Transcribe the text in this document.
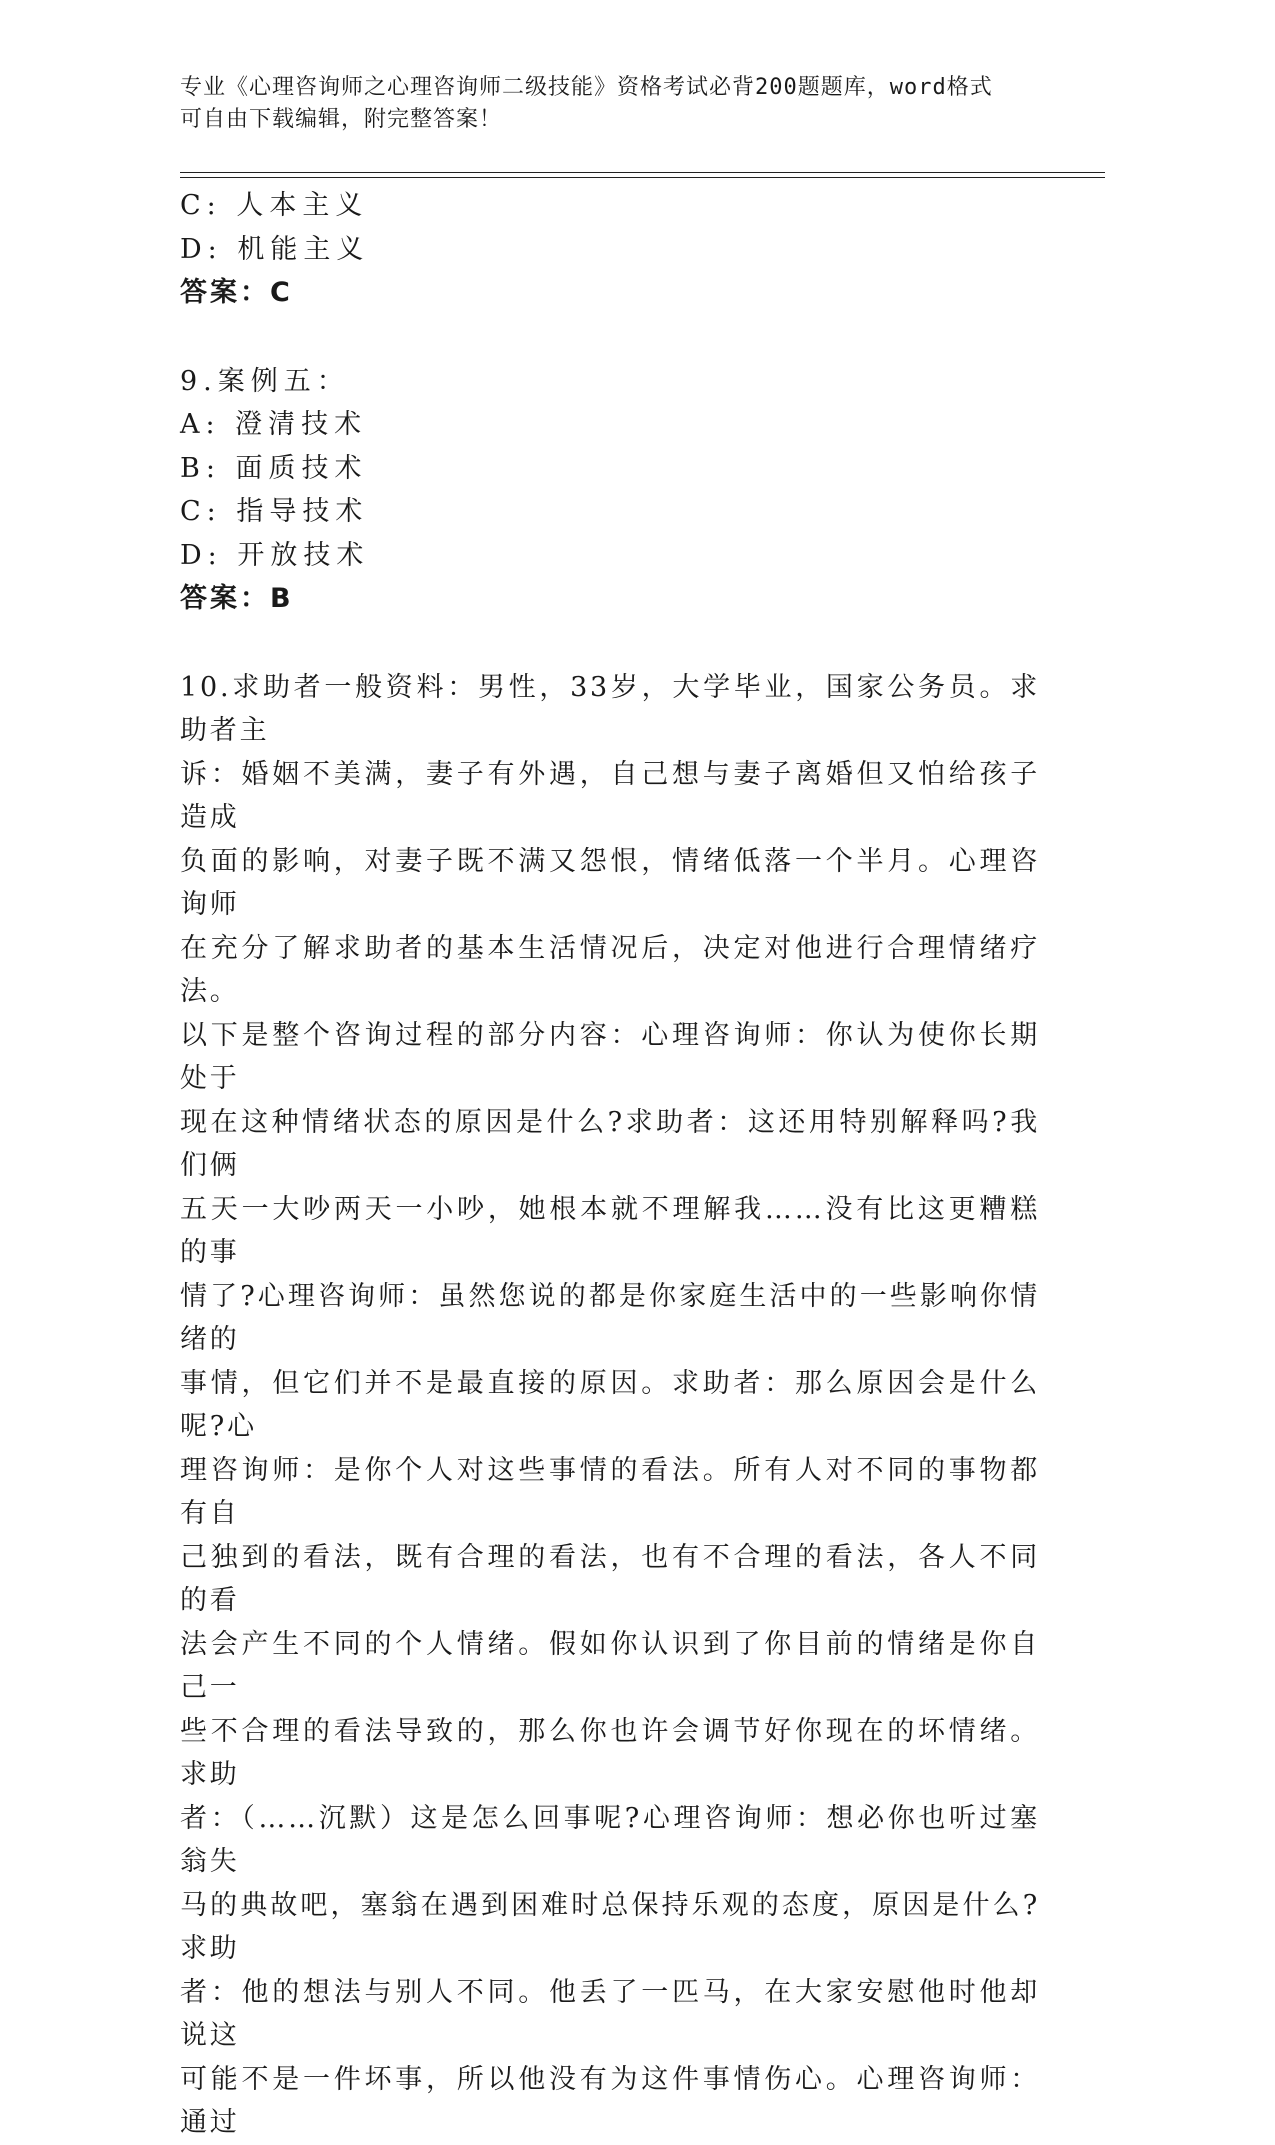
专业《心理咨询师之心理咨询师二级技能》资格考试必背200题题库，word格式
可自由下载编辑，附完整答案！
C: 人本主义
D: 机能主义
答案：C
9.案例五：
A: 澄清技术
B: 面质技术
C: 指导技术
D: 开放技术
答案：B
10.求助者一般资料：男性，33岁，大学毕业，国家公务员。求助者主
诉：婚姻不美满，妻子有外遇，自己想与妻子离婚但又怕给孩子造成
负面的影响，对妻子既不满又怨恨，情绪低落一个半月。心理咨询师
在充分了解求助者的基本生活情况后，决定对他进行合理情绪疗法。
以下是整个咨询过程的部分内容：心理咨询师：你认为使你长期处于
现在这种情绪状态的原因是什么?求助者：这还用特别解释吗?我们俩
五天一大吵两天一小吵，她根本就不理解我……没有比这更糟糕的事
情了?心理咨询师：虽然您说的都是你家庭生活中的一些影响你情绪的
事情，但它们并不是最直接的原因。求助者：那么原因会是什么呢?心
理咨询师：是你个人对这些事情的看法。所有人对不同的事物都有自
己独到的看法，既有合理的看法，也有不合理的看法，各人不同的看
法会产生不同的个人情绪。假如你认识到了你目前的情绪是你自己一
些不合理的看法导致的，那么你也许会调节好你现在的坏情绪。求助
者：（……沉默）这是怎么回事呢?心理咨询师：想必你也听过塞翁失
马的典故吧，塞翁在遇到困难时总保持乐观的态度，原因是什么?求助
者：他的想法与别人不同。他丢了一匹马，在大家安慰他时他却说这
可能不是一件坏事，所以他没有为这件事情伤心。心理咨询师：通过
